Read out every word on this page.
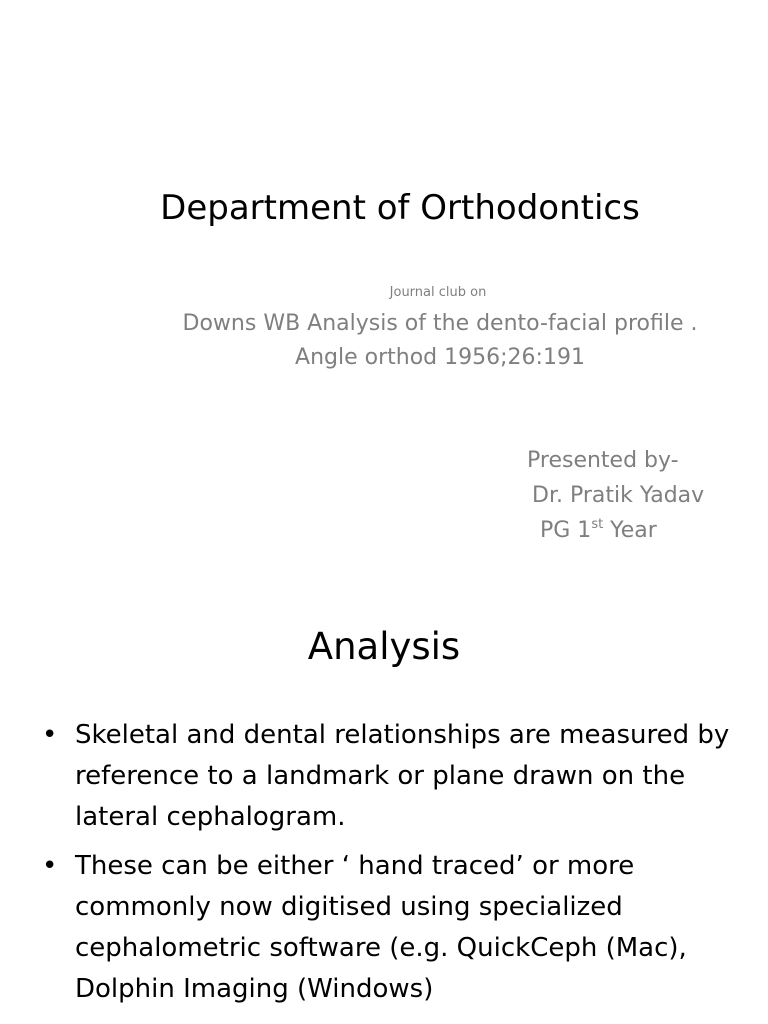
Department of Orthodontics
Journal club on
Downs WB Analysis of the dento-facial profile .
Angle orthod 1956;26:191
Presented by-
Dr. Pratik Yadav
PG 1st Year
Analysis
• Skeletal and dental relationships are measured by reference to a landmark or plane drawn on the lateral cephalogram.
• These can be either ‘ hand traced’ or more commonly now digitised using specialized cephalometric software (e.g. QuickCeph (Mac), Dolphin Imaging (Windows)
